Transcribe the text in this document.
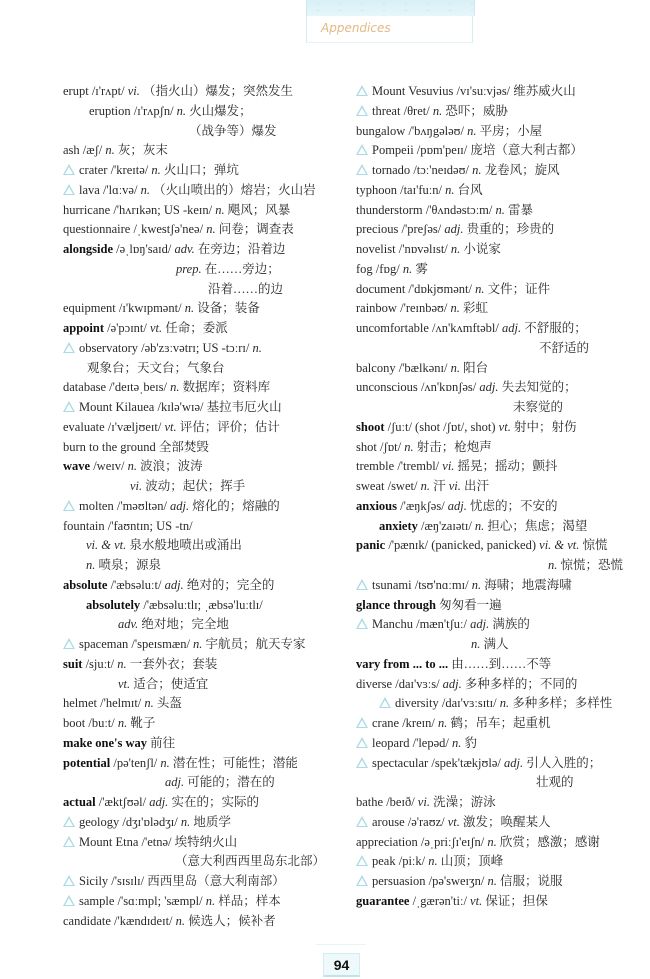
Appendices
erupt /ɪ'rʌpt/ vi. （指火山）爆发；突然发生
eruption /ɪ'rʌpʃn/ n. 火山爆发；
（战争等）爆发
ash /æʃ/ n. 灰；灰末
crater /'kreɪtə/ n. 火山口；弹坑
lava /'lɑːvə/ n. （火山喷出的）熔岩；火山岩
hurricane /'hʌrɪkən; US -keɪn/ n. 飓风；风暴
questionnaire /ˌkwestʃə'neə/ n. 问卷；调查表
alongside /əˌlɒŋ'saɪd/ adv. 在旁边；沿着边
prep. 在……旁边；
沿着……的边
equipment /ɪ'kwɪpmənt/ n. 设备；装备
appoint /ə'pɔɪnt/ vt. 任命；委派
observatory /əb'zɜːvətrɪ; US -tɔːrɪ/ n.
观象台；天文台；气象台
database /'deɪtəˌbeɪs/ n. 数据库；资料库
Mount Kilauea /kɪlə'wɪə/ 基拉韦厄火山
evaluate /ɪ'væljʊeɪt/ vt. 评估；评价；估计
burn to the ground 全部焚毁
wave /weɪv/ n. 波浪；波涛
vi. 波动；起伏；挥手
molten /'məʊltən/ adj. 熔化的；熔融的
fountain /'faʊntɪn; US -tn/
vi. & vt. 泉水般地喷出或涌出
n. 喷泉；源泉
absolute /'æbsəluːt/ adj. 绝对的；完全的
absolutely /'æbsəluːtlɪ; ˌæbsə'luːtlɪ/
adv. 绝对地；完全地
spaceman /'speɪsmæn/ n. 宇航员；航天专家
suit /sjuːt/ n. 一套外衣；套装
vt. 适合；使适宜
helmet /'helmɪt/ n. 头盔
boot /buːt/ n. 靴子
make one's way 前往
potential /pə'tenʃl/ n. 潜在性；可能性；潜能
adj. 可能的；潜在的
actual /'æktʃʊəl/ adj. 实在的；实际的
geology /dʒɪ'ɒlədʒɪ/ n. 地质学
Mount Etna /'etnə/ 埃特纳火山
（意大利西西里岛东北部）
Sicily /'sɪsɪlɪ/ 西西里岛（意大利南部）
sample /'sɑːmpl; 'sæmpl/ n. 样品；样本
candidate /'kændɪdeɪt/ n. 候选人；候补者
Mount Vesuvius /vɪ'suːvjəs/ 维苏威火山
threat /θret/ n. 恐吓；威胁
bungalow /'bʌŋgələʊ/ n. 平房；小屋
Pompeii /pɒm'peɪɪ/ 庞培（意大利古都）
tornado /tɔː'neɪdəʊ/ n. 龙卷风；旋风
typhoon /taɪ'fuːn/ n. 台风
thunderstorm /'θʌndəstɔːm/ n. 雷暴
precious /'preʃəs/ adj. 贵重的；珍贵的
novelist /'nɒvəlɪst/ n. 小说家
fog /fɒg/ n. 雾
document /'dɒkjʊmənt/ n. 文件；证件
rainbow /'reɪnbəʊ/ n. 彩虹
uncomfortable /ʌn'kʌmftəbl/ adj. 不舒服的；
不舒适的
balcony /'bælkənɪ/ n. 阳台
unconscious /ʌn'kɒnʃəs/ adj. 失去知觉的；
未察觉的
shoot /ʃuːt/ (shot /ʃɒt/, shot) vt. 射中；射伤
shot /ʃɒt/ n. 射击；枪炮声
tremble /'trembl/ vi. 摇晃；摇动；颤抖
sweat /swet/ n. 汗 vi. 出汗
anxious /'æŋkʃəs/ adj. 忧虑的；不安的
anxiety /æŋ'zaɪətɪ/ n. 担心；焦虑；渴望
panic /'pænɪk/ (panicked, panicked) vi. & vt. 惊慌
n. 惊慌；恐慌
tsunami /tsʊ'nɑːmɪ/ n. 海啸；地震海啸
glance through 匆匆看一遍
Manchu /mæn'tʃuː/ adj. 满族的
n. 满人
vary from ... to ... 由……到……不等
diverse /daɪ'vɜːs/ adj. 多种多样的；不同的
diversity /daɪ'vɜːsɪtɪ/ n. 多种多样；多样性
crane /kreɪn/ n. 鹤；吊车；起重机
leopard /'lepəd/ n. 豹
spectacular /spek'tækjʊlə/ adj. 引人入胜的；
壮观的
bathe /beɪð/ vi. 洗澡；游泳
arouse /ə'raʊz/ vt. 激发；唤醒某人
appreciation /əˌpriːʃɪ'eɪʃn/ n. 欣赏；感激；感谢
peak /piːk/ n. 山顶；顶峰
persuasion /pə'sweɪʒn/ n. 信服；说服
guarantee /ˌgærən'tiː/ vt. 保证；担保
94
